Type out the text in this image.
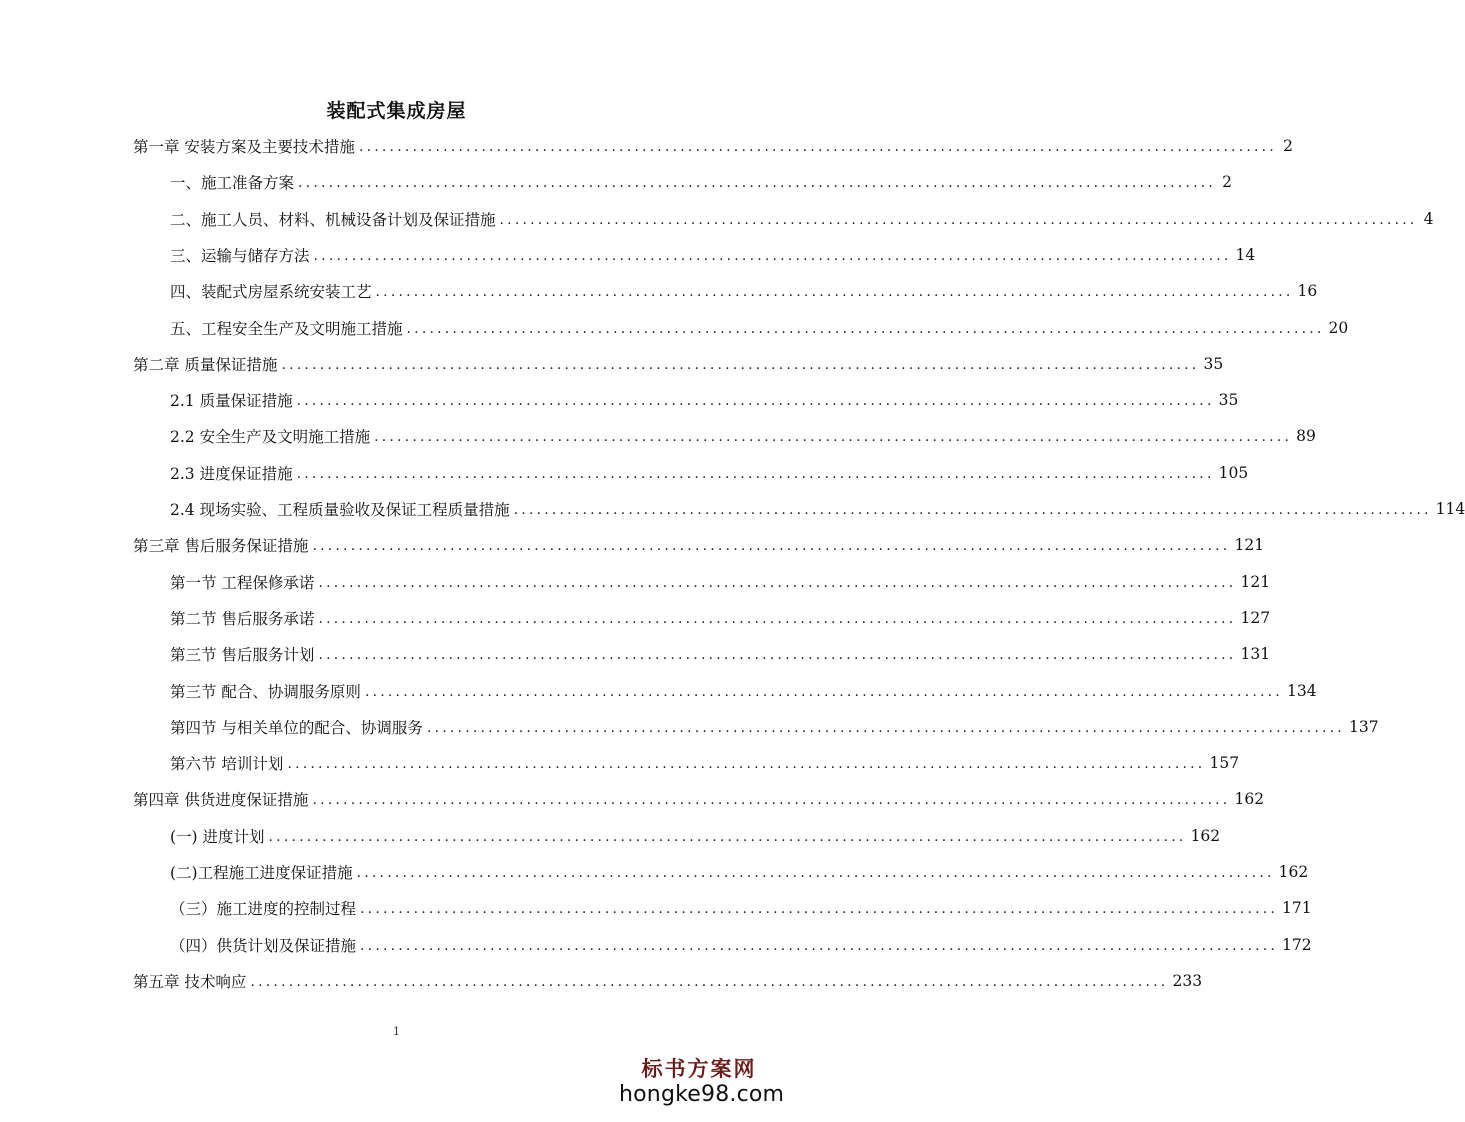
装配式集成房屋
第一章 安装方案及主要技术措施 ........................................................................................................................ 2
一、施工准备方案 ........................................................................................................................ 2
二、施工人员、材料、机械设备计划及保证措施 ........................................................................................................................ 4
三、运输与储存方法 ........................................................................................................................ 14
四、装配式房屋系统安装工艺 ........................................................................................................................ 16
五、工程安全生产及文明施工措施 ........................................................................................................................ 20
第二章 质量保证措施 ........................................................................................................................ 35
2.1 质量保证措施 ........................................................................................................................ 35
2.2 安全生产及文明施工措施 ........................................................................................................................ 89
2.3 进度保证措施 ........................................................................................................................ 105
2.4 现场实验、工程质量验收及保证工程质量措施 ........................................................................................................................ 114
第三章 售后服务保证措施 ........................................................................................................................ 121
第一节 工程保修承诺 ........................................................................................................................ 121
第二节 售后服务承诺 ........................................................................................................................ 127
第三节 售后服务计划 ........................................................................................................................ 131
第三节 配合、协调服务原则 ........................................................................................................................ 134
第四节 与相关单位的配合、协调服务 ........................................................................................................................ 137
第六节 培训计划 ........................................................................................................................ 157
第四章 供货进度保证措施 ........................................................................................................................ 162
(一) 进度计划 ........................................................................................................................ 162
(二)工程施工进度保证措施 ........................................................................................................................ 162
（三）施工进度的控制过程 ........................................................................................................................ 171
（四）供货计划及保证措施 ........................................................................................................................ 172
第五章 技术响应 ........................................................................................................................ 233
1
标书方案网
hongke98.com
